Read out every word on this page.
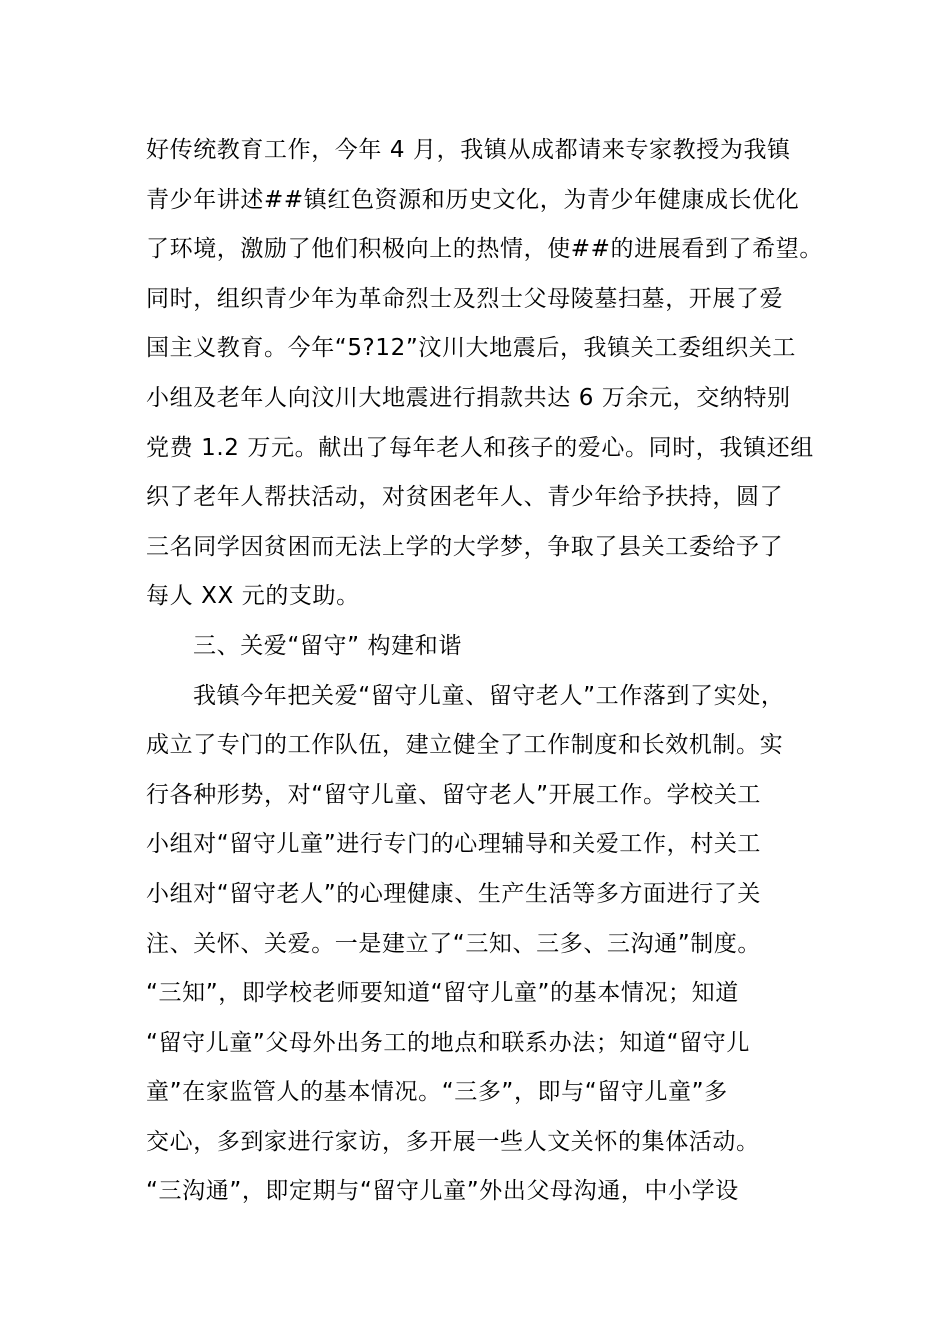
好传统教育工作，今年 4 月，我镇从成都请来专家教授为我镇
青少年讲述##镇红色资源和历史文化，为青少年健康成长优化
了环境，激励了他们积极向上的热情，使##的进展看到了希望。
同时，组织青少年为革命烈士及烈士父母陵墓扫墓，开展了爱
国主义教育。今年“5?12”汶川大地震后，我镇关工委组织关工
小组及老年人向汶川大地震进行捐款共达 6 万余元，交纳特别
党费 1.2 万元。献出了每年老人和孩子的爱心。同时，我镇还组
织了老年人帮扶活动，对贫困老年人、青少年给予扶持，圆了
三名同学因贫困而无法上学的大学梦，争取了县关工委给予了
每人 XX 元的支助。
三、关爱“留守” 构建和谐
我镇今年把关爱“留守儿童、留守老人”工作落到了实处，
成立了专门的工作队伍，建立健全了工作制度和长效机制。实
行各种形势，对“留守儿童、留守老人”开展工作。学校关工
小组对“留守儿童”进行专门的心理辅导和关爱工作，村关工
小组对“留守老人”的心理健康、生产生活等多方面进行了关
注、关怀、关爱。一是建立了“三知、三多、三沟通”制度。
“三知”，即学校老师要知道“留守儿童”的基本情况；知道
“留守儿童”父母外出务工的地点和联系办法；知道“留守儿
童”在家监管人的基本情况。“三多”，即与“留守儿童”多
交心，多到家进行家访，多开展一些人文关怀的集体活动。
“三沟通”，即定期与“留守儿童”外出父母沟通，中小学设
